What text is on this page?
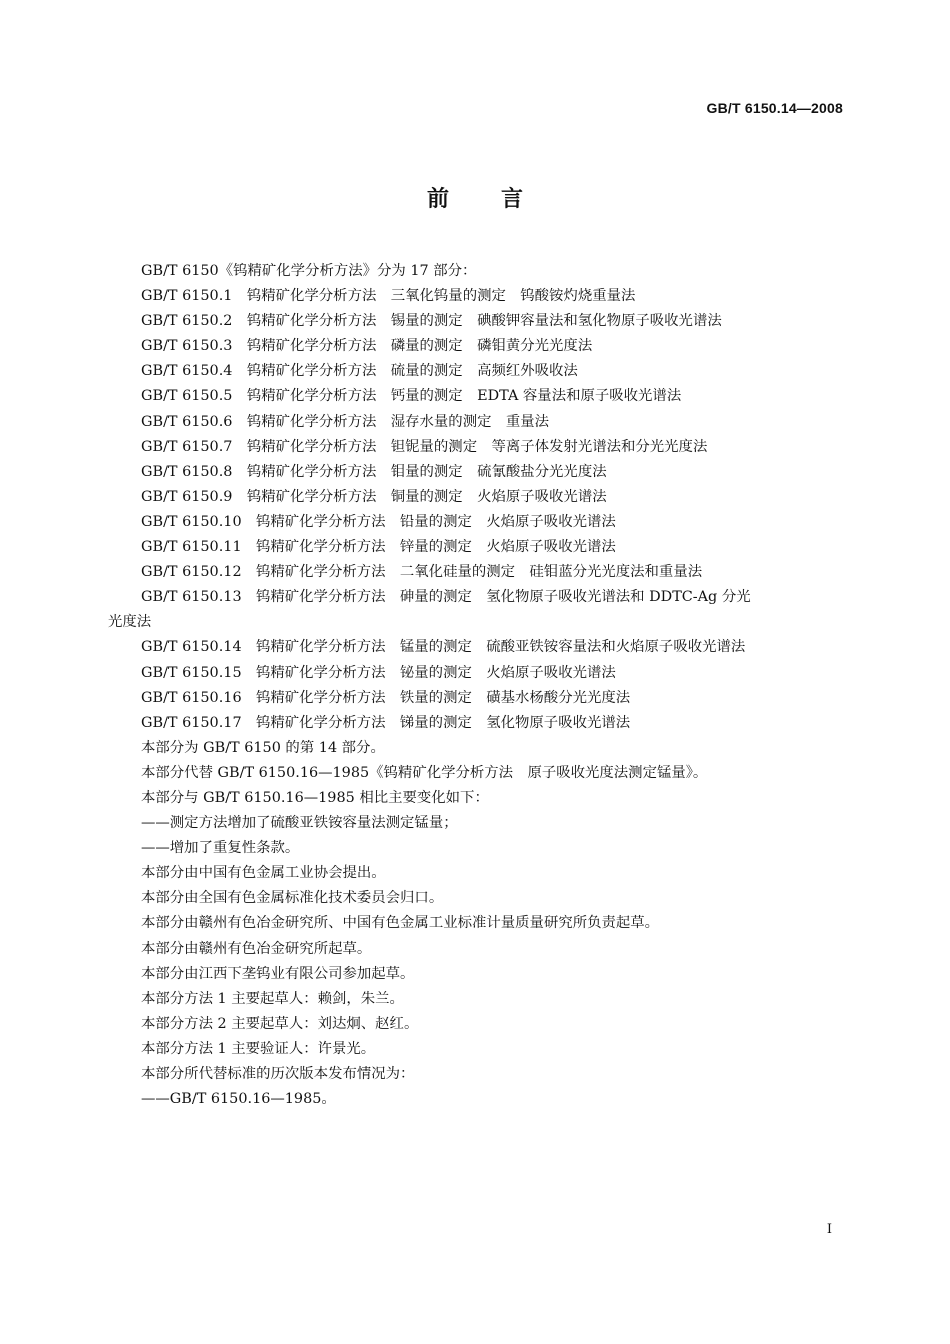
GB/T 6150.14—2008
前 言
GB/T 6150《钨精矿化学分析方法》分为 17 部分：
GB/T 6150.1　钨精矿化学分析方法　三氧化钨量的测定　钨酸铵灼烧重量法
GB/T 6150.2　钨精矿化学分析方法　锡量的测定　碘酸钾容量法和氢化物原子吸收光谱法
GB/T 6150.3　钨精矿化学分析方法　磷量的测定　磷钼黄分光光度法
GB/T 6150.4　钨精矿化学分析方法　硫量的测定　高频红外吸收法
GB/T 6150.5　钨精矿化学分析方法　钙量的测定　EDTA 容量法和原子吸收光谱法
GB/T 6150.6　钨精矿化学分析方法　湿存水量的测定　重量法
GB/T 6150.7　钨精矿化学分析方法　钽铌量的测定　等离子体发射光谱法和分光光度法
GB/T 6150.8　钨精矿化学分析方法　钼量的测定　硫氰酸盐分光光度法
GB/T 6150.9　钨精矿化学分析方法　铜量的测定　火焰原子吸收光谱法
GB/T 6150.10　钨精矿化学分析方法　铅量的测定　火焰原子吸收光谱法
GB/T 6150.11　钨精矿化学分析方法　锌量的测定　火焰原子吸收光谱法
GB/T 6150.12　钨精矿化学分析方法　二氧化硅量的测定　硅钼蓝分光光度法和重量法
GB/T 6150.13　钨精矿化学分析方法　砷量的测定　氢化物原子吸收光谱法和 DDTC-Ag 分光
光度法
GB/T 6150.14　钨精矿化学分析方法　锰量的测定　硫酸亚铁铵容量法和火焰原子吸收光谱法
GB/T 6150.15　钨精矿化学分析方法　铋量的测定　火焰原子吸收光谱法
GB/T 6150.16　钨精矿化学分析方法　铁量的测定　磺基水杨酸分光光度法
GB/T 6150.17　钨精矿化学分析方法　锑量的测定　氢化物原子吸收光谱法
本部分为 GB/T 6150 的第 14 部分。
本部分代替 GB/T 6150.16—1985《钨精矿化学分析方法　原子吸收光度法测定锰量》。
本部分与 GB/T 6150.16—1985 相比主要变化如下：
——测定方法增加了硫酸亚铁铵容量法测定锰量；
——增加了重复性条款。
本部分由中国有色金属工业协会提出。
本部分由全国有色金属标准化技术委员会归口。
本部分由赣州有色冶金研究所、中国有色金属工业标准计量质量研究所负责起草。
本部分由赣州有色冶金研究所起草。
本部分由江西下垄钨业有限公司参加起草。
本部分方法 1 主要起草人：赖剑，朱兰。
本部分方法 2 主要起草人：刘达炯、赵红。
本部分方法 1 主要验证人：许景光。
本部分所代替标准的历次版本发布情况为：
——GB/T 6150.16—1985。
I
